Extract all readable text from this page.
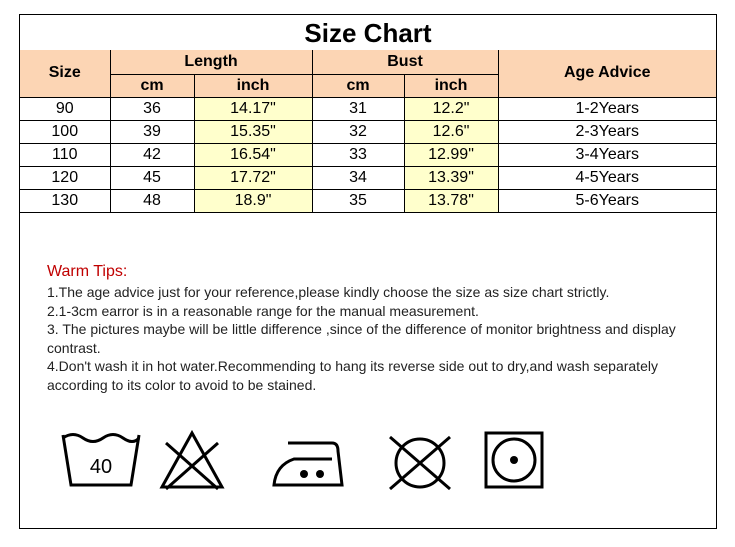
Size Chart
Size	Length		Bust		Age Advice
	cm	inch	cm	inch	
90	36	14.17"	31	12.2"	1-2Years
100	39	15.35"	32	12.6"	2-3Years
110	42	16.54"	33	12.99"	3-4Years
120	45	17.72"	34	13.39"	4-5Years
130	48	18.9"	35	13.78"	5-6Years
Warm Tips:
1.The age advice just for your reference,please kindly choose the size as size chart strictly.
2.1-3cm earror is in a reasonable range for the manual measurement.
3. The pictures maybe will be little difference ,since of the difference of monitor brightness and display contrast.
4.Don't wash it in hot water.Recommending to hang its reverse side out to dry,and wash separately according to its color to avoid to be stained.
40
